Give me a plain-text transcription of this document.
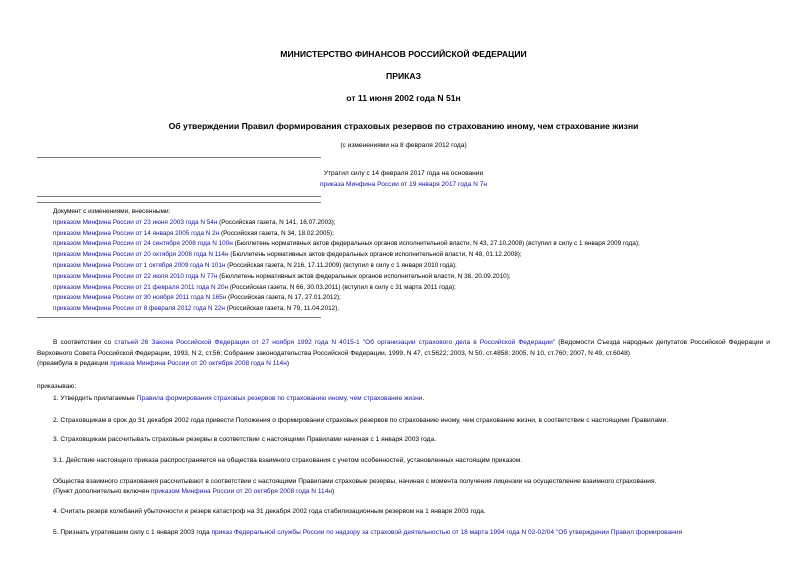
МИНИСТЕРСТВО ФИНАНСОВ РОССИЙСКОЙ ФЕДЕРАЦИИ
ПРИКАЗ
от 11 июня 2002 года N 51н
Об утверждении Правил формирования страховых резервов по страхованию иному, чем страхование жизни
(с изменениями на 8 февраля 2012 года)
Утратил силу с 14 февраля 2017 года на основании
приказа Минфина России от 19 января 2017 года N 7н
Документ с изменениями, внесенными:
приказом Минфина России от 23 июня 2003 года N 54н (Российская газета, N 141, 16.07.2003);
приказом Минфина России от 14 января 2005 года N 2н (Российская газета, N 34, 18.02.2005);
приказом Минфина России от 24 сентября 2008 года N 100н (Бюллетень нормативных актов федеральных органов исполнительной власти, N 43, 27.10.2008) (вступил в силу с 1 января 2009 года);
приказом Минфина России от 20 октября 2008 года N 114н (Бюллетень нормативных актов федеральных органов исполнительной власти, N 48, 01.12.2008);
приказом Минфина России от 1 октября 2009 года N 101н (Российская газета, N 216, 17.11.2009) (вступил в силу с 1 января 2010 года);
приказом Минфина России от 22 июля 2010 года N 77н (Бюллетень нормативных актов федеральных органов исполнительной власти, N 38, 20.09.2010);
приказом Минфина России от 21 февраля 2011 года N 20н (Российская газета, N 66, 30.03.2011) (вступил в силу с 31 марта 2011 года);
приказом Минфина России от 30 ноября 2011 года N 165н (Российская газета, N 17, 27.01.2012);
приказом Минфина России от 8 февраля 2012 года N 22н (Российская газета, N 79, 11.04.2012).
В соответствии со статьей 26 Закона Российской Федерации от 27 ноября 1992 года N 4015-1 "Об организации страхового дела в Российской Федерации" (Ведомости Съезда народных депутатов Российской Федерации и Верховного Совета Российской Федерации, 1993, N 2, ст.56; Собрание законодательства Российской Федерации, 1999, N 47, ст.5622; 2003, N 50, ст.4858; 2005, N 10, ст.760; 2007, N 49, ст.6048)
(преамбула в редакции приказа Минфина России от 20 октября 2008 года N 114н)
приказываю:
1. Утвердить прилагаемые Правила формирования страховых резервов по страхованию иному, чем страхование жизни.
2. Страховщикам в срок до 31 декабря 2002 года привести Положения о формировании страховых резервов по страхованию иному, чем страхование жизни, в соответствие с настоящими Правилами.
3. Страховщикам рассчитывать страховые резервы в соответствии с настоящими Правилами начиная с 1 января 2003 года.
3.1. Действие настоящего приказа распространяется на общества взаимного страхования с учетом особенностей, установленных настоящим приказом.
Общества взаимного страхования рассчитывают в соответствии с настоящими Правилами страховые резервы, начиная с момента получения лицензии на осуществление взаимного страхования.
(Пункт дополнительно включен приказом Минфина России от 20 октября 2008 года N 114н)
4. Считать резерв колебаний убыточности и резерв катастроф на 31 декабря 2002 года стабилизационным резервом на 1 января 2003 года.
5. Признать утратившим силу с 1 января 2003 года приказ Федеральной службы России по надзору за страховой деятельностью от 18 марта 1994 года N 02-02/04 "Об утверждении Правил формирования
